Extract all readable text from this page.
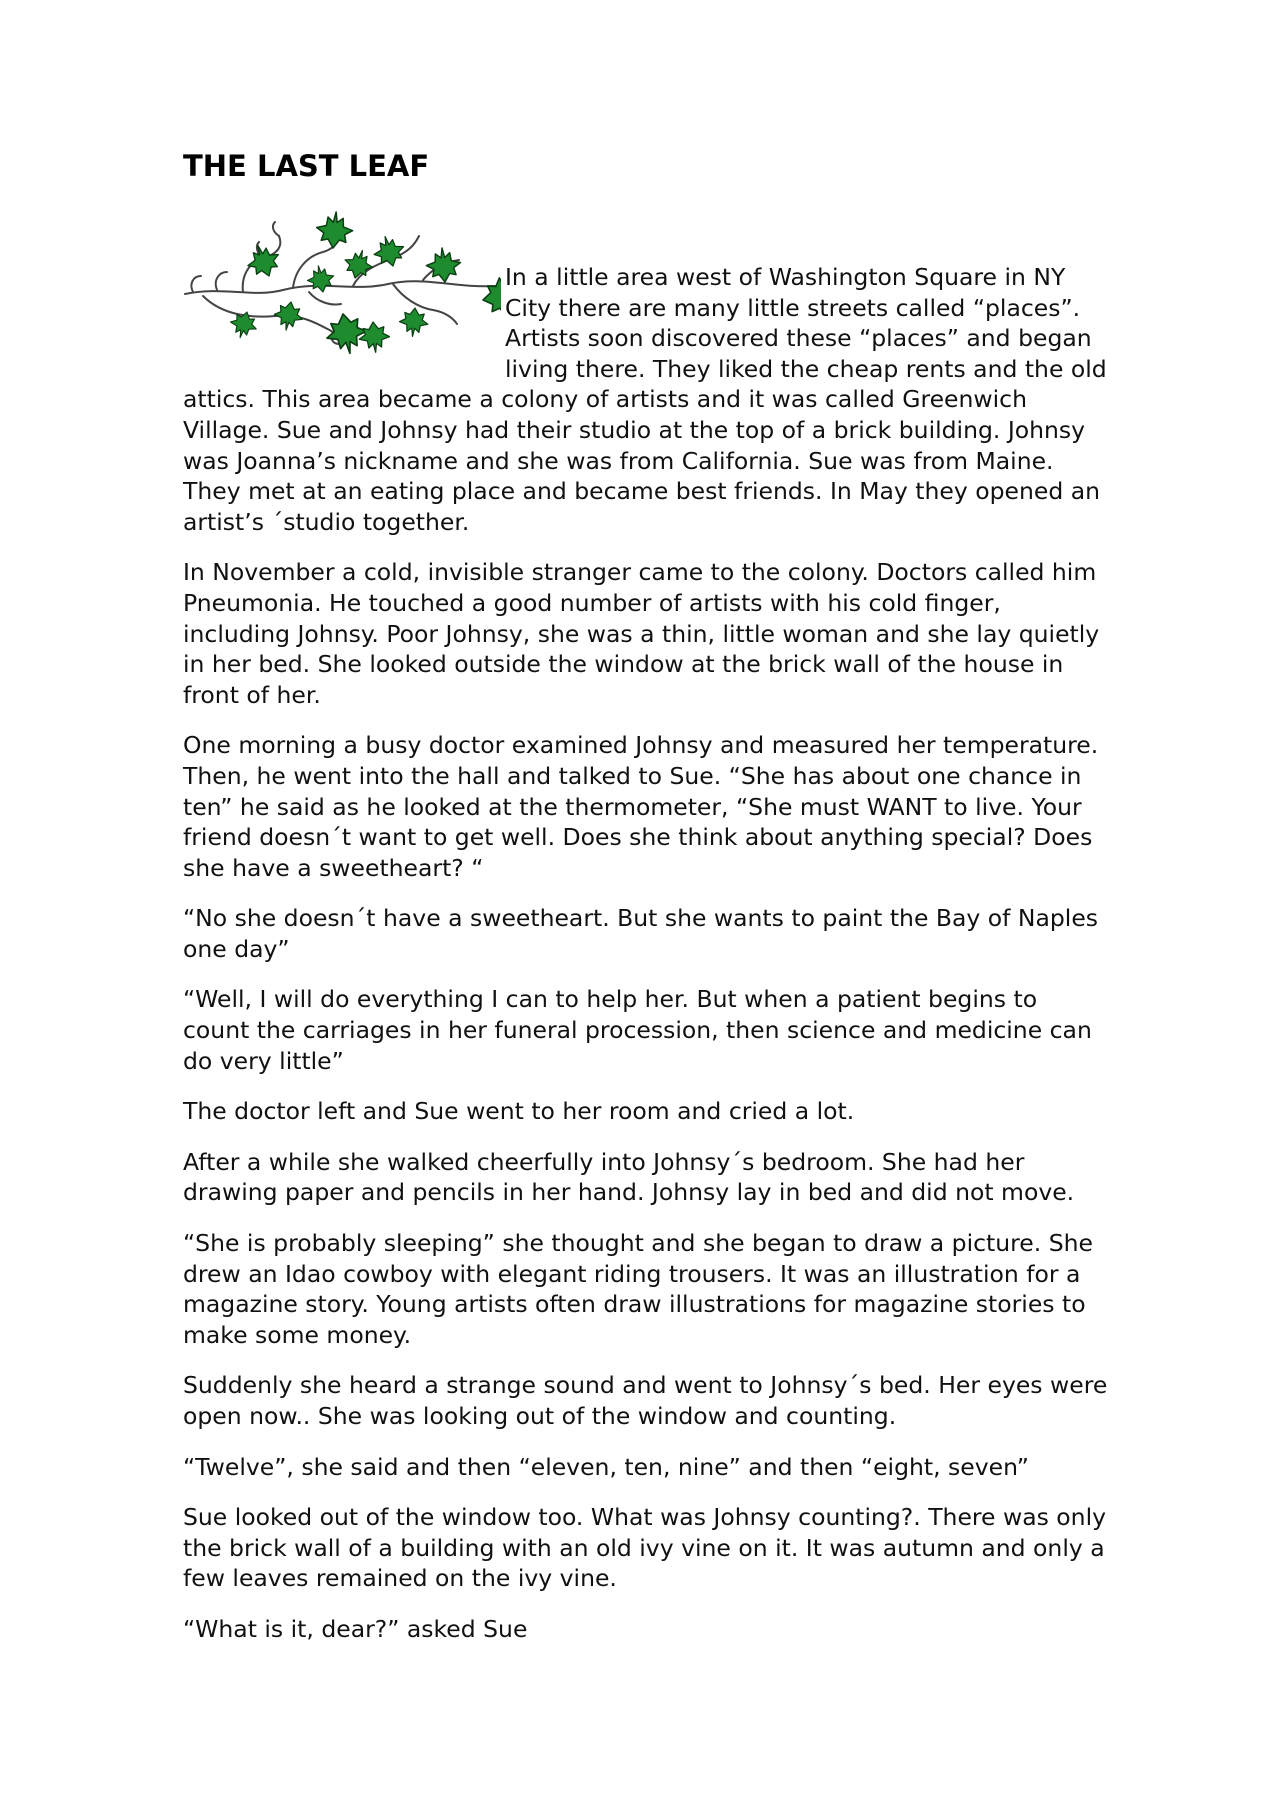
THE LAST LEAF

In a little area west of Washington Square in NY City there are many little streets called “places”. Artists soon discovered these “places” and began living there. They liked the cheap rents and the old attics. This area became a colony of artists and it was called Greenwich Village. Sue and Johnsy had their studio at the top of a brick building. Johnsy was Joanna’s nickname and she was from California. Sue was from Maine. They met at an eating place and became best friends. In May they opened an artist’s ´studio together.

In November a cold, invisible stranger came to the colony. Doctors called him Pneumonia. He touched a good number of artists with his cold finger, including Johnsy. Poor Johnsy, she was a thin, little woman and she lay quietly in her bed. She looked outside the window at the brick wall of the house in front of her.

One morning a busy doctor examined Johnsy and measured her temperature. Then, he went into the hall and talked to Sue. “She has about one chance in ten” he said as he looked at the thermometer, “She must WANT to live. Your friend doesn´t want to get well. Does she think about anything special? Does she have a sweetheart? “

“No she doesn´t have a sweetheart. But she wants to paint the Bay of Naples one day”

“Well, I will do everything I can to help her. But when a patient begins to count the carriages in her funeral procession, then science and medicine can do very little”

The doctor left and Sue went to her room and cried a lot.

After a while she walked cheerfully into Johnsy´s bedroom. She had her drawing paper and pencils in her hand. Johnsy lay in bed and did not move.

“She is probably sleeping” she thought and she began to draw a picture. She drew an Idao cowboy with elegant riding trousers. It was an illustration for a magazine story. Young artists often draw illustrations for magazine stories to make some money.

Suddenly she heard a strange sound and went to Johnsy´s bed. Her eyes were open now.. She was looking out of the window and counting.

“Twelve”, she said and then “eleven, ten, nine” and then “eight, seven”

Sue looked out of the window too. What was Johnsy counting?. There was only the brick wall of a building with an old ivy vine on it. It was autumn and only a few leaves remained on the ivy vine.

“What is it, dear?” asked Sue
